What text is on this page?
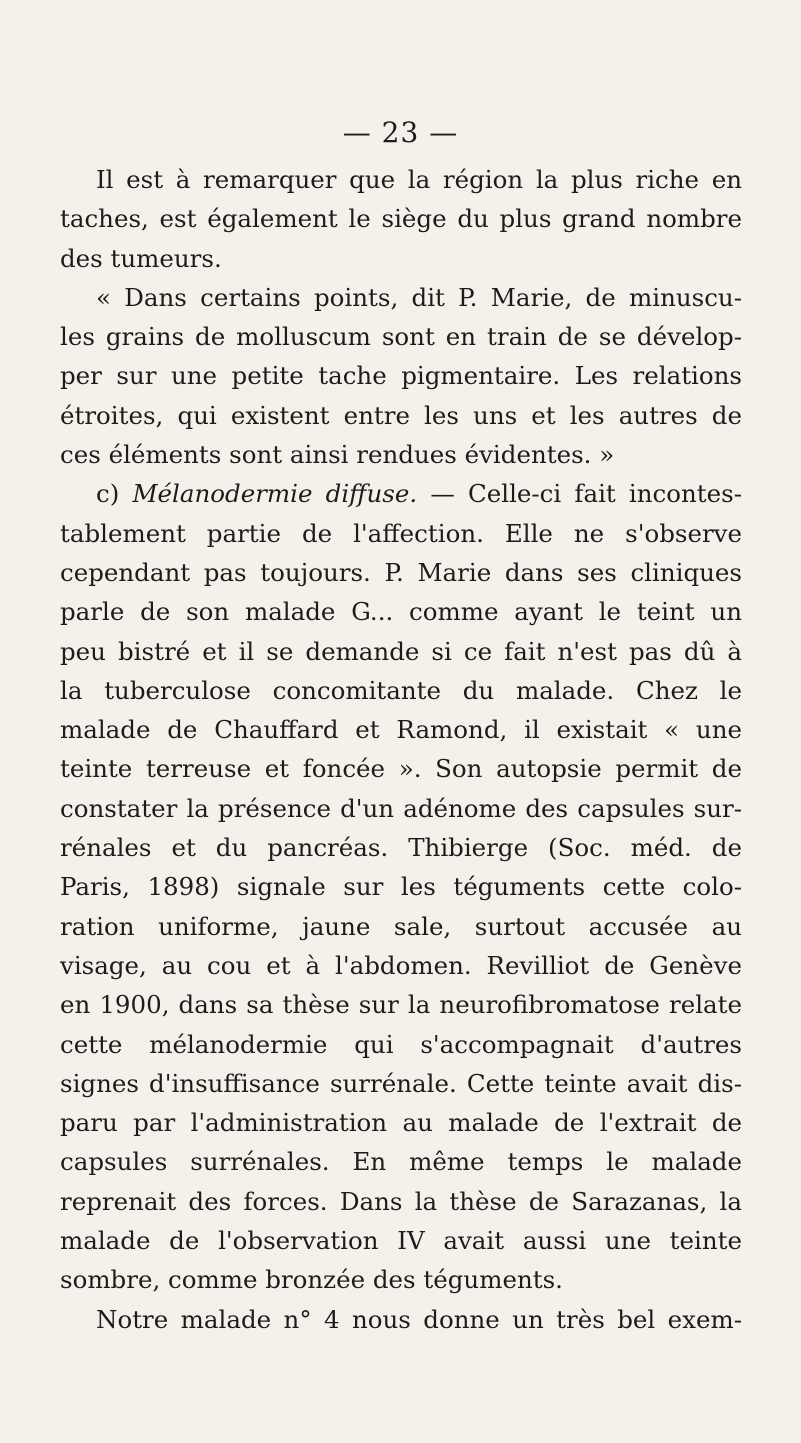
— 23 —
Il est à remarquer que la région la plus riche en
taches, est également le siège du plus grand nombre
des tumeurs.
« Dans certains points, dit P. Marie, de minuscu-
les grains de molluscum sont en train de se dévelop-
per sur une petite tache pigmentaire. Les relations
étroites, qui existent entre les uns et les autres de
ces éléments sont ainsi rendues évidentes. »
c) Mélanodermie diffuse. — Celle-ci fait incontes-
tablement partie de l'affection. Elle ne s'observe
cependant pas toujours. P. Marie dans ses cliniques
parle de son malade G... comme ayant le teint un
peu bistré et il se demande si ce fait n'est pas dû à
la tuberculose concomitante du malade. Chez le
malade de Chauffard et Ramond, il existait « une
teinte terreuse et foncée ». Son autopsie permit de
constater la présence d'un adénome des capsules sur-
rénales et du pancréas. Thibierge (Soc. méd. de
Paris, 1898) signale sur les téguments cette colo-
ration uniforme, jaune sale, surtout accusée au
visage, au cou et à l'abdomen. Revilliot de Genève
en 1900, dans sa thèse sur la neurofibromatose relate
cette mélanodermie qui s'accompagnait d'autres
signes d'insuffisance surrénale. Cette teinte avait dis-
paru par l'administration au malade de l'extrait de
capsules surrénales. En même temps le malade
reprenait des forces. Dans la thèse de Sarazanas, la
malade de l'observation IV avait aussi une teinte
sombre, comme bronzée des téguments.
Notre malade n° 4 nous donne un très bel exem-
